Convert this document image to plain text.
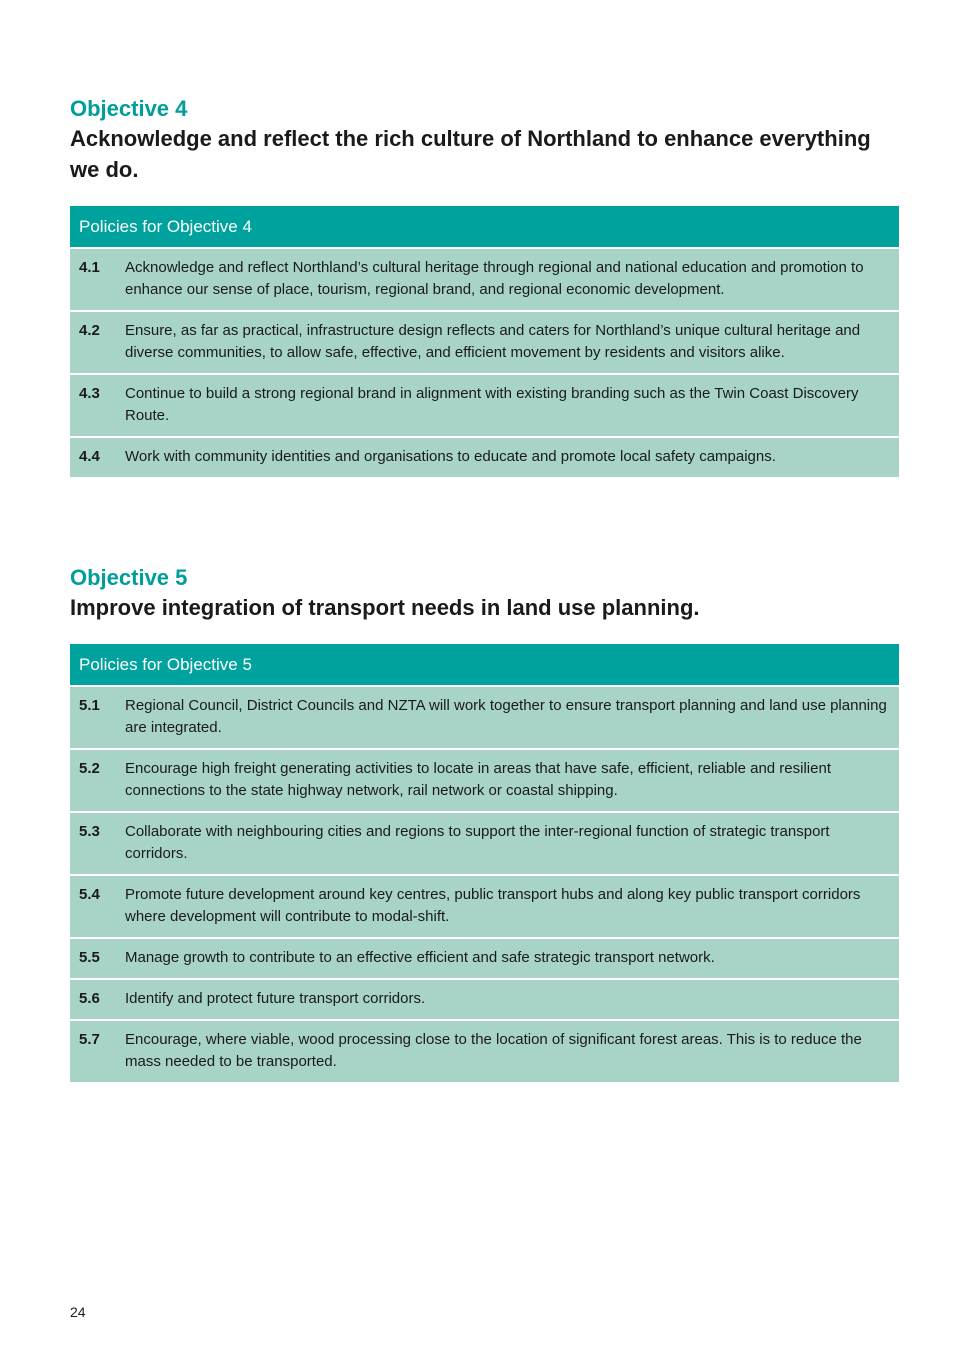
Objective 4
Acknowledge and reflect the rich culture of Northland to enhance everything we do.
Policies for Objective 4	
4.1	Acknowledge and reflect Northland’s cultural heritage through regional and national education and promotion to enhance our sense of place, tourism, regional brand, and regional economic development.
4.2	Ensure, as far as practical, infrastructure design reflects and caters for Northland’s unique cultural heritage and diverse communities, to allow safe, effective, and efficient movement by residents and visitors alike.
4.3	Continue to build a strong regional brand in alignment with existing branding such as the Twin Coast Discovery Route.
4.4	Work with community identities and organisations to educate and promote local safety campaigns.
Objective 5
Improve integration of transport needs in land use planning.
Policies for Objective 5	
5.1	Regional Council, District Councils and NZTA will work together to ensure transport planning and land use planning are integrated.
5.2	Encourage high freight generating activities to locate in areas that have safe, efficient, reliable and resilient connections to the state highway network, rail network or coastal shipping.
5.3	Collaborate with neighbouring cities and regions to support the inter-regional function of strategic transport corridors.
5.4	Promote future development around key centres, public transport hubs and along key public transport corridors where development will contribute to modal-shift.
5.5	Manage growth to contribute to an effective efficient and safe strategic transport network.
5.6	Identify and protect future transport corridors.
5.7	Encourage, where viable, wood processing close to the location of significant forest areas. This is to reduce the mass needed to be transported.
24
